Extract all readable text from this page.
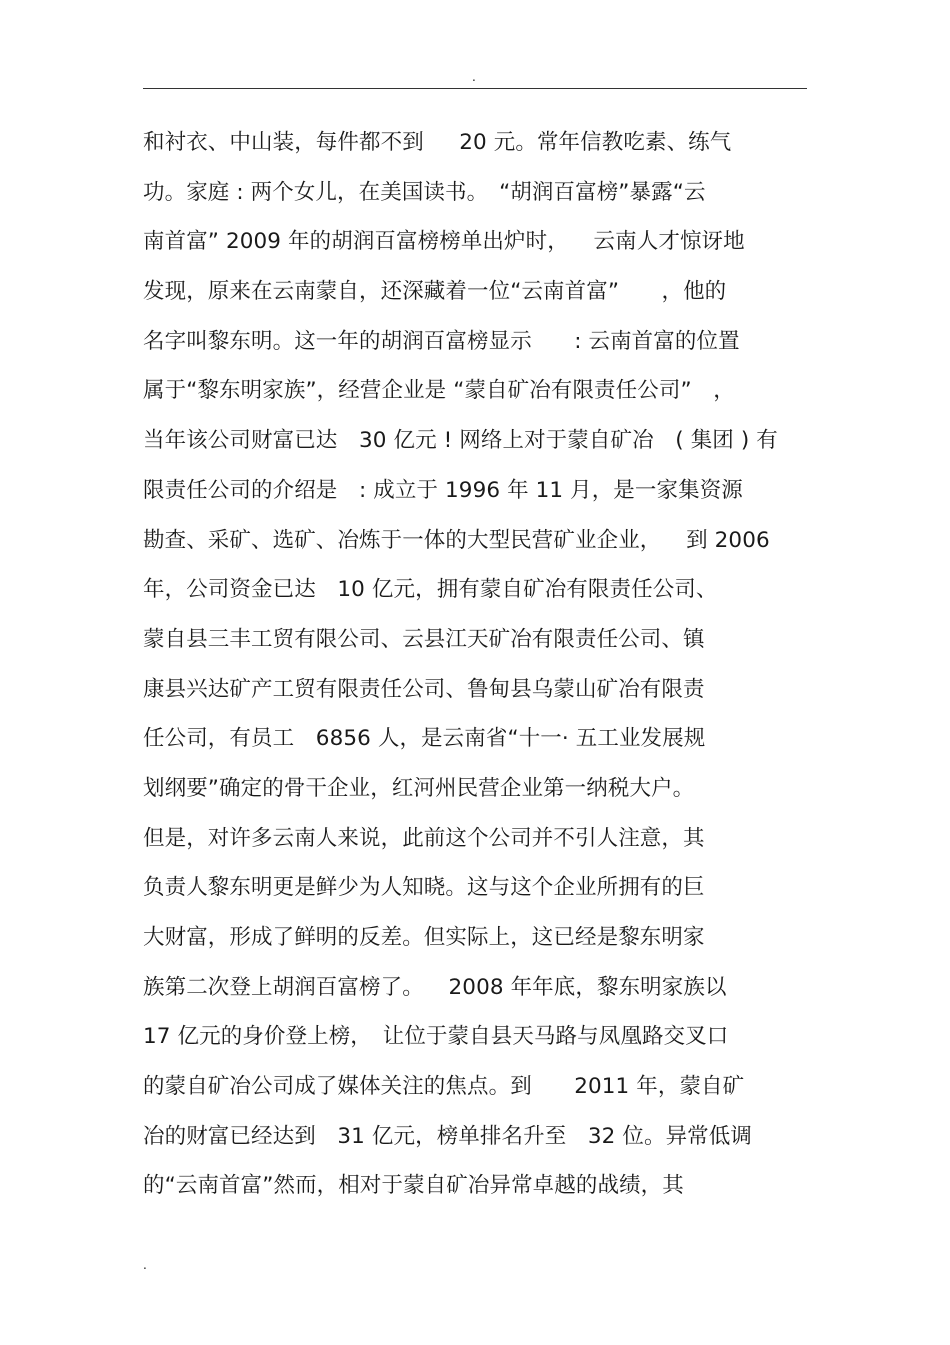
.
和衬衣、中山装，每件都不到　  20 元。常年信教吃素、练气
功。家庭 : 两个女儿，在美国读书。　“胡润百富榜”暴露“云
南首富” 2009 年的胡润百富榜榜单出炉时，　  云南人才惊讶地
发现，原来在云南蒙自，还深藏着一位“云南首富”　   ，他的
名字叫黎东明。这一年的胡润百富榜显示　   : 云南首富的位置
属于“黎东明家族”，经营企业是 “蒙自矿冶有限责任公司”　，
当年该公司财富已达　30 亿元 ! 网络上对于蒙自矿冶　( 集团 ) 有
限责任公司的介绍是　: 成立于 1996 年 11 月，是一家集资源
勘查、采矿、选矿、冶炼于一体的大型民营矿业企业，　  到 2006
年，公司资金已达　10 亿元，拥有蒙自矿冶有限责任公司、
蒙自县三丰工贸有限公司、云县江天矿冶有限责任公司、镇
康县兴达矿产工贸有限责任公司、鲁甸县乌蒙山矿冶有限责
任公司，有员工　6856 人，是云南省“十一· 五工业发展规
划纲要”确定的骨干企业，红河州民营企业第一纳税大户。
但是，对许多云南人来说，此前这个公司并不引人注意，其
负责人黎东明更是鲜少为人知晓。这与这个企业所拥有的巨
大财富，形成了鲜明的反差。但实际上，这已经是黎东明家
族第二次登上胡润百富榜了。　  2008 年年底，黎东明家族以
17 亿元的身价登上榜，　让位于蒙自县天马路与凤凰路交叉口
的蒙自矿冶公司成了媒体关注的焦点。到　   2011 年，蒙自矿
冶的财富已经达到　31 亿元，榜单排名升至　32 位。异常低调
的“云南首富”然而，相对于蒙自矿冶异常卓越的战绩，其
.
